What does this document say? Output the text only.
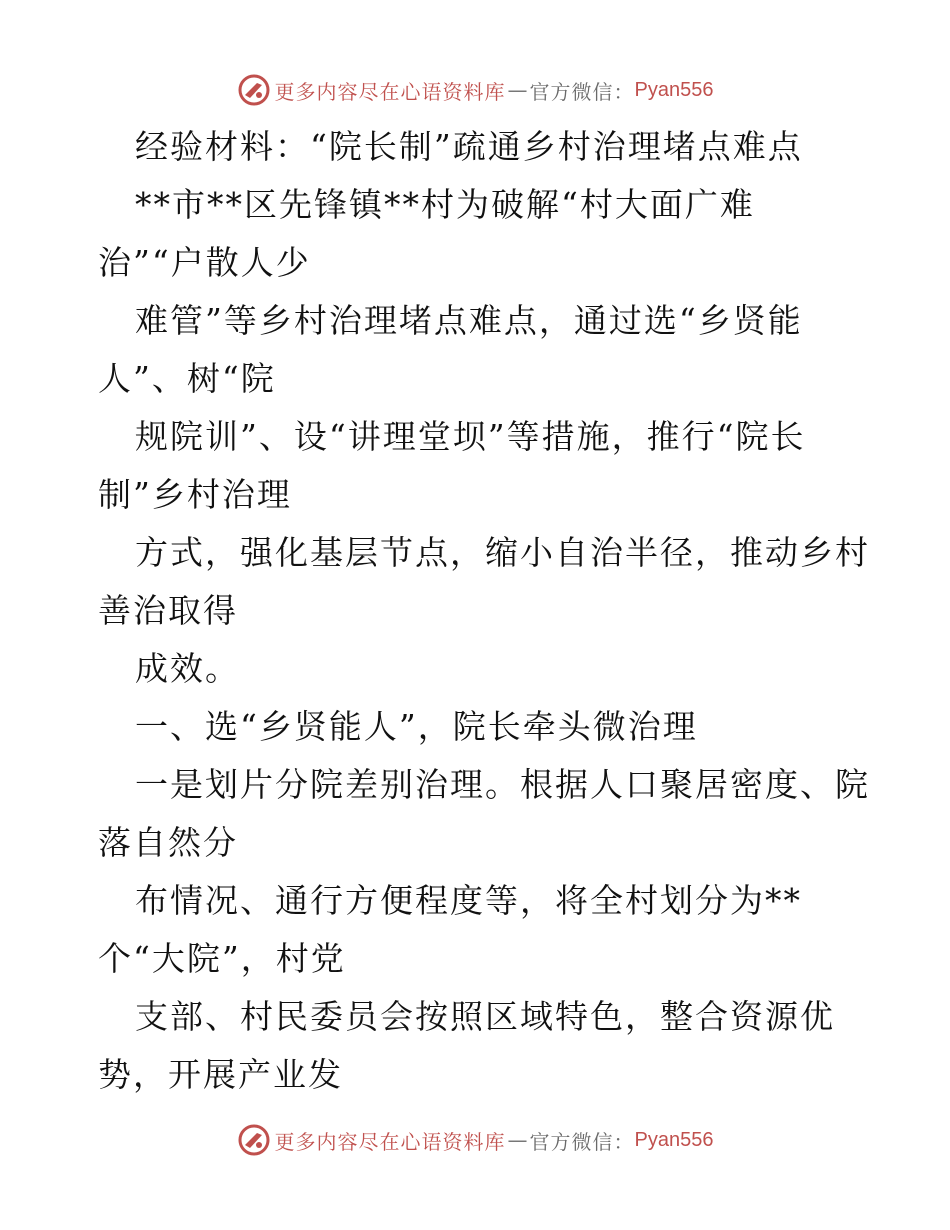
更多内容尽在心语资料库 — 官方微信： Pyan556
经验材料：“院长制”疏通乡村治理堵点难点
**市**区先锋镇**村为破解“村大面广难
治”“户散人少
难管”等乡村治理堵点难点，通过选“乡贤能
人”、树“院
规院训”、设“讲理堂坝”等措施，推行“院长
制”乡村治理
方式，强化基层节点，缩小自治半径，推动乡村
善治取得
成效。
一、选“乡贤能人”，院长牵头微治理
一是划片分院差别治理。根据人口聚居密度、院
落自然分
布情况、通行方便程度等，将全村划分为**
个“大院”，村党
支部、村民委员会按照区域特色，整合资源优
势，开展产业发
更多内容尽在心语资料库 — 官方微信： Pyan556
